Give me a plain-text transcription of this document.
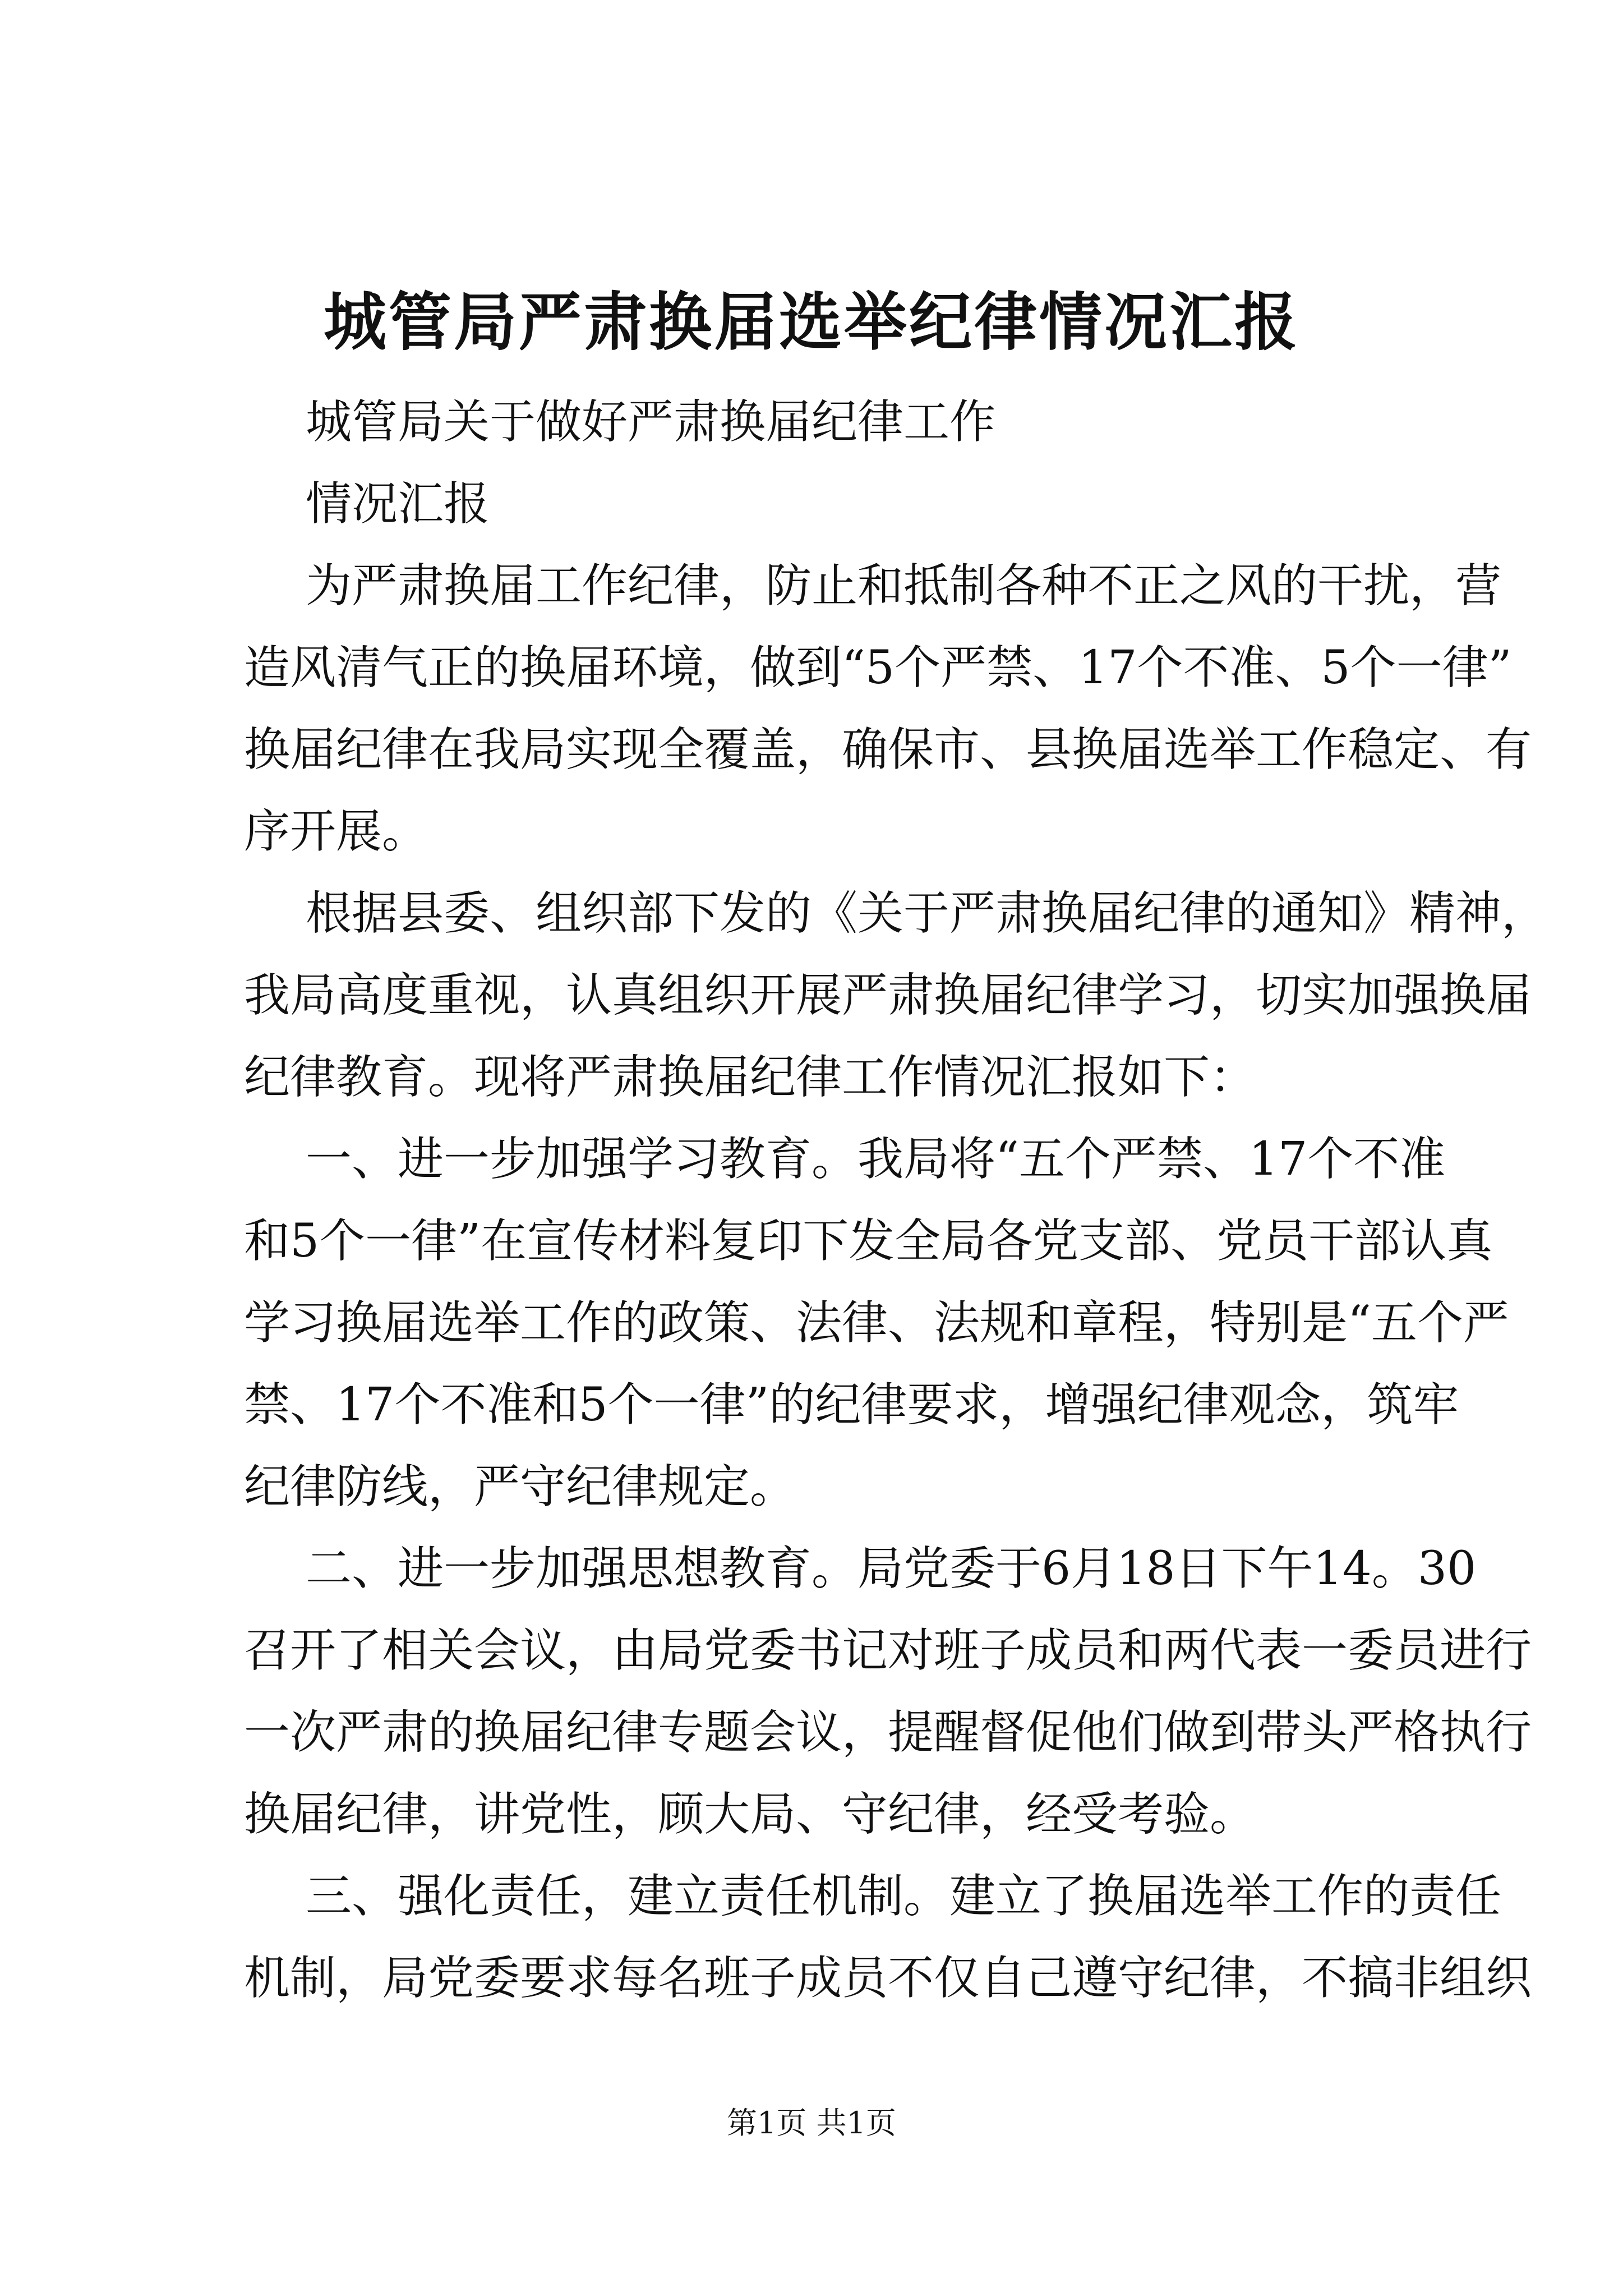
城管局严肃换届选举纪律情况汇报
城管局关于做好严肃换届纪律工作
情况汇报
为严肃换届工作纪律，防止和抵制各种不正之风的干扰，营
造风清气正的换届环境，做到“5个严禁、17个不准、5个一律”
换届纪律在我局实现全覆盖，确保市、县换届选举工作稳定、有
序开展。
根据县委、组织部下发的《关于严肃换届纪律的通知》精神，
我局高度重视，认真组织开展严肃换届纪律学习，切实加强换届
纪律教育。现将严肃换届纪律工作情况汇报如下：
一、进一步加强学习教育。我局将“五个严禁、17个不准
和5个一律”在宣传材料复印下发全局各党支部、党员干部认真
学习换届选举工作的政策、法律、法规和章程，特别是“五个严
禁、17个不准和5个一律”的纪律要求，增强纪律观念，筑牢
纪律防线，严守纪律规定。
二、进一步加强思想教育。局党委于6月18日下午14。30
召开了相关会议，由局党委书记对班子成员和两代表一委员进行
一次严肃的换届纪律专题会议，提醒督促他们做到带头严格执行
换届纪律，讲党性，顾大局、守纪律，经受考验。
三、强化责任，建立责任机制。建立了换届选举工作的责任
机制，局党委要求每名班子成员不仅自己遵守纪律，不搞非组织
第1页 共1页
